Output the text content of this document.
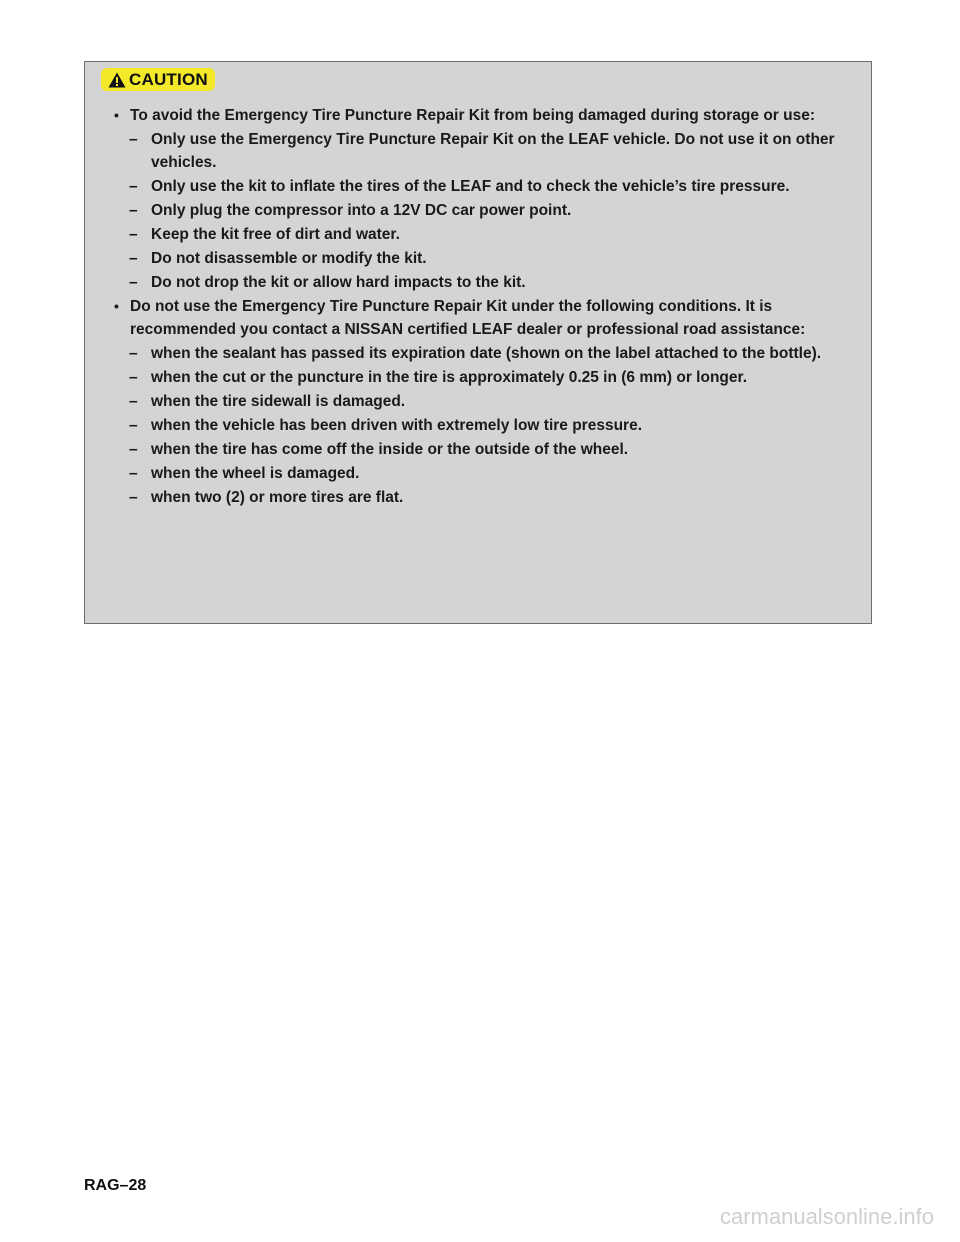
CAUTION
• To avoid the Emergency Tire Puncture Repair Kit from being damaged during storage or use:
– Only use the Emergency Tire Puncture Repair Kit on the LEAF vehicle. Do not use it on other vehicles.
– Only use the kit to inflate the tires of the LEAF and to check the vehicle’s tire pressure.
– Only plug the compressor into a 12V DC car power point.
– Keep the kit free of dirt and water.
– Do not disassemble or modify the kit.
– Do not drop the kit or allow hard impacts to the kit.
• Do not use the Emergency Tire Puncture Repair Kit under the following conditions. It is recommended you contact a NISSAN certified LEAF dealer or professional road assistance:
– when the sealant has passed its expiration date (shown on the label attached to the bottle).
– when the cut or the puncture in the tire is approximately 0.25 in (6 mm) or longer.
– when the tire sidewall is damaged.
– when the vehicle has been driven with extremely low tire pressure.
– when the tire has come off the inside or the outside of the wheel.
– when the wheel is damaged.
– when two (2) or more tires are flat.
RAG–28
carmanualsonline.info
